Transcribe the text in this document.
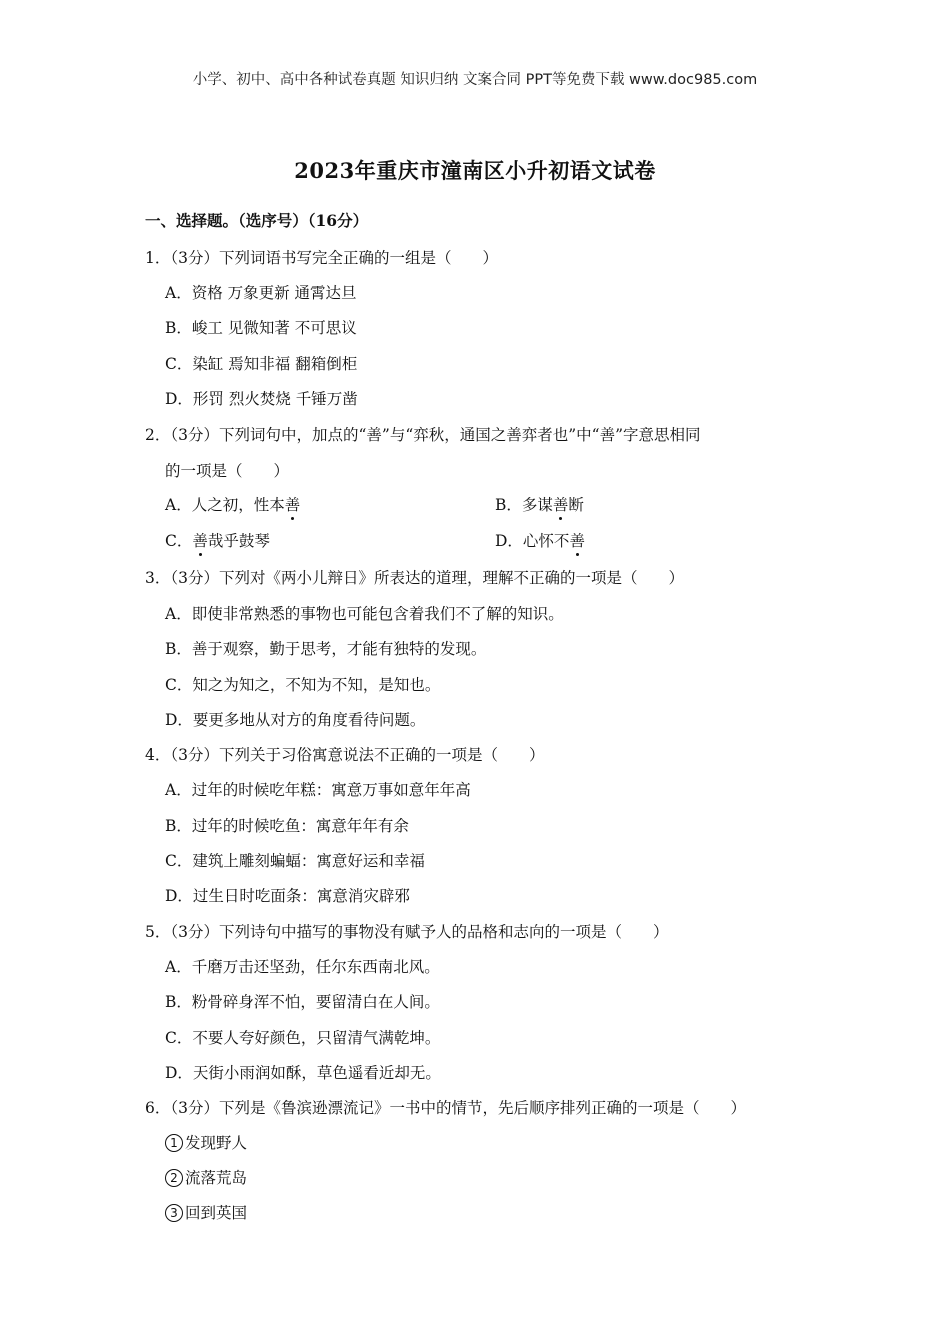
小学、初中、高中各种试卷真题 知识归纳 文案合同 PPT等免费下载 www.doc985.com
2023年重庆市潼南区小升初语文试卷
一、选择题。（选序号）（16分）
1．（3分）下列词语书写完全正确的一组是（　　）
A．资格 万象更新 通霄达旦
B．峻工 见微知著 不可思议
C．染缸 焉知非福 翻箱倒柜
D．形罚 烈火焚烧 千锤万凿
2．（3分）下列词句中，加点的“善”与“弈秋，通国之善弈者也”中“善”字意思相同
的一项是（　　）
A．人之初，性本善	B．多谋善断
C．善哉乎鼓琴	D．心怀不善
3．（3分）下列对《两小儿辩日》所表达的道理，理解不正确的一项是（　　）
A．即使非常熟悉的事物也可能包含着我们不了解的知识。
B．善于观察，勤于思考，才能有独特的发现。
C．知之为知之，不知为不知，是知也。
D．要更多地从对方的角度看待问题。
4．（3分）下列关于习俗寓意说法不正确的一项是（　　）
A．过年的时候吃年糕：寓意万事如意年年高
B．过年的时候吃鱼：寓意年年有余
C．建筑上雕刻蝙蝠：寓意好运和幸福
D．过生日时吃面条：寓意消灾辟邪
5．（3分）下列诗句中描写的事物没有赋予人的品格和志向的一项是（　　）
A．千磨万击还坚劲，任尔东西南北风。
B．粉骨碎身浑不怕，要留清白在人间。
C．不要人夸好颜色，只留清气满乾坤。
D．天街小雨润如酥，草色遥看近却无。
6．（3分）下列是《鲁滨逊漂流记》一书中的情节，先后顺序排列正确的一项是（　　）
1 发现野人
2 流落荒岛
3 回到英国
